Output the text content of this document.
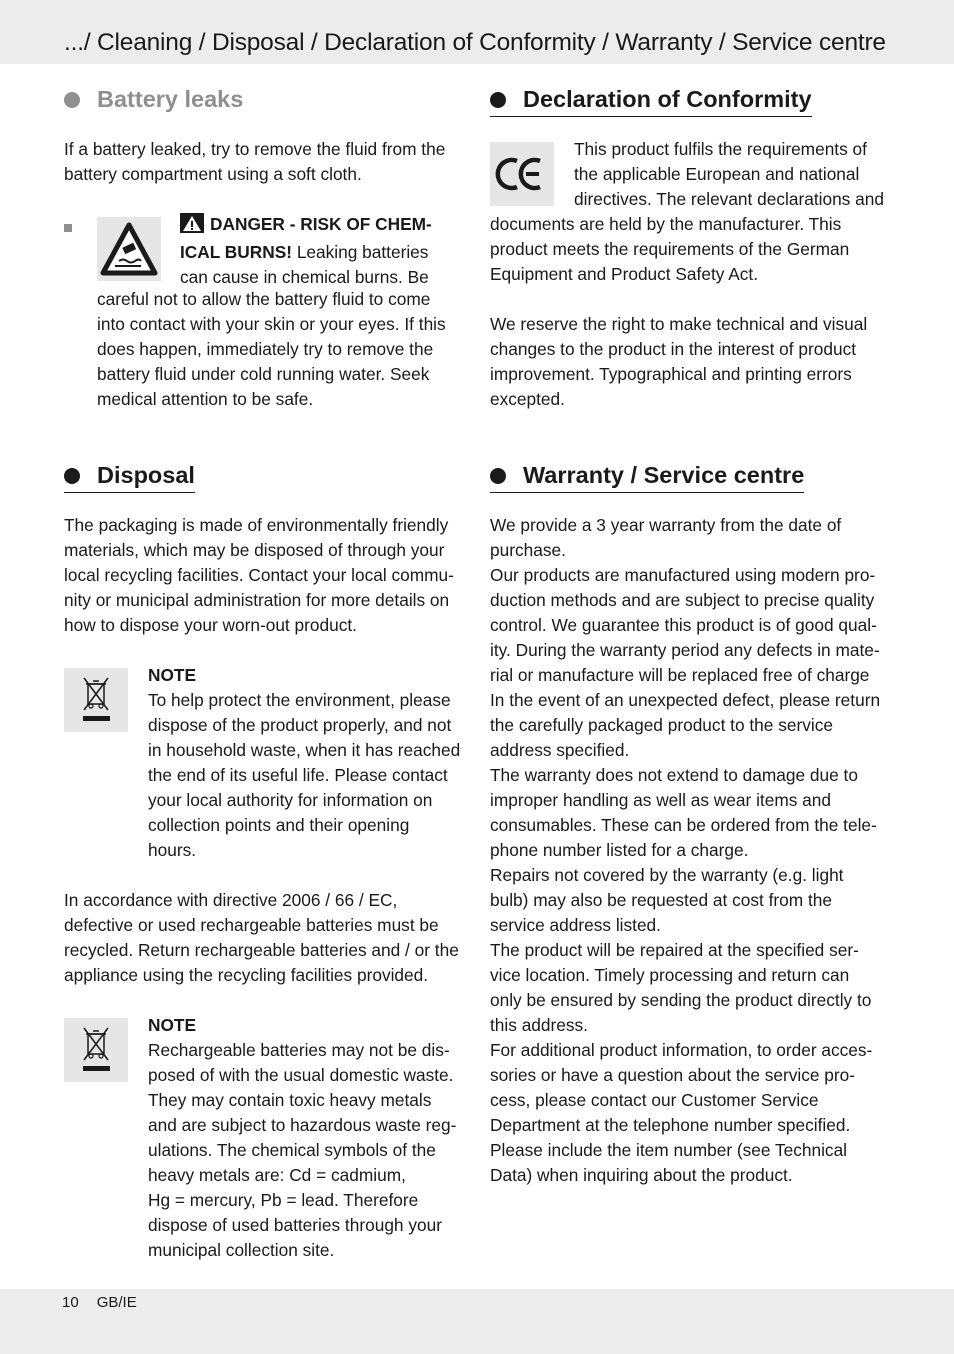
.../ Cleaning / Disposal / Declaration of Conformity / Warranty / Service centre
Battery leaks

If a battery leaked, try to remove the fluid from the

battery compartment using a soft cloth.

DANGER - RISK OF CHEM-

ICAL BURNS! Leaking batteries

can cause in chemical burns. Be

careful not to allow the battery fluid to come

into contact with your skin or your eyes. If this

does happen, immediately try to remove the

battery fluid under cold running water. Seek

medical attention to be safe.

Disposal

The packaging is made of environmentally friendly

materials, which may be disposed of through your

local recycling facilities. Contact your local commu-

nity or municipal administration for more details on

how to dispose your worn-out product.

NOTE

To help protect the environment, please

dispose of the product properly, and not

in household waste, when it has reached

the end of its useful life. Please contact

your local authority for information on

collection points and their opening

hours.

In accordance with directive 2006 / 66 / EC,

defective or used rechargeable batteries must be

recycled. Return rechargeable batteries and / or the

appliance using the recycling facilities provided.

NOTE

Rechargeable batteries may not be dis-

posed of with the usual domestic waste.

They may contain toxic heavy metals

and are subject to hazardous waste reg-

ulations. The chemical symbols of the

heavy metals are: Cd = cadmium,

Hg = mercury, Pb = lead. Therefore

dispose of used batteries through your

municipal collection site.

Declaration of Conformity

This product fulfils the requirements of

the applicable European and national

directives. The relevant declarations and

documents are held by the manufacturer. This

product meets the requirements of the German

Equipment and Product Safety Act.

We reserve the right to make technical and visual

changes to the product in the interest of product

improvement. Typographical and printing errors

excepted.

Warranty / Service centre

We provide a 3 year warranty from the date of

purchase.

Our products are manufactured using modern pro-

duction methods and are subject to precise quality

control. We guarantee this product is of good qual-

ity. During the warranty period any defects in mate-

rial or manufacture will be replaced free of charge

In the event of an unexpected defect, please return

the carefully packaged product to the service

address specified.

The warranty does not extend to damage due to

improper handling as well as wear items and

consumables. These can be ordered from the tele-

phone number listed for a charge.

Repairs not covered by the warranty (e.g. light

bulb) may also be requested at cost from the

service address listed.

The product will be repaired at the specified ser-

vice location. Timely processing and return can

only be ensured by sending the product directly to

this address.

For additional product information, to order acces-

sories or have a question about the service pro-

cess, please contact our Customer Service

Department at the telephone number specified.

Please include the item number (see Technical

Data) when inquiring about the product.

10 GB/IE
